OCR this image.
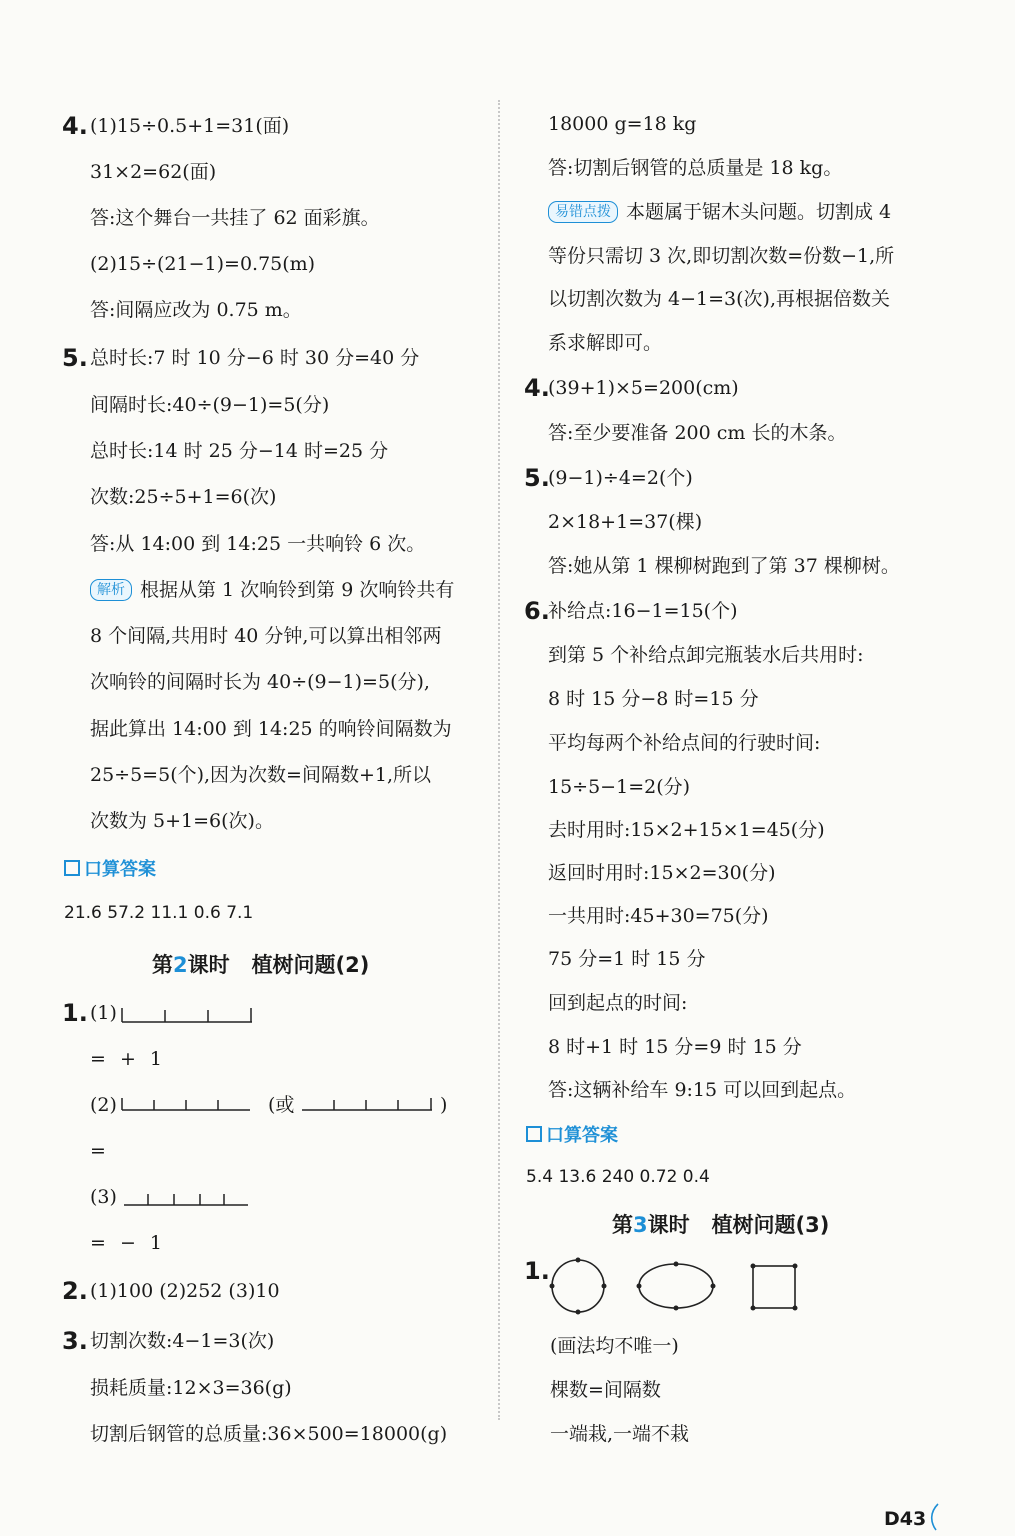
4. (1)15÷0.5+1=31(面)
31×2=62(面)
答:这个舞台一共挂了 62 面彩旗。
(2)15÷(21−1)=0.75(m)
答:间隔应改为 0.75 m。
5. 总时长:7 时 10 分−6 时 30 分=40 分
间隔时长:40÷(9−1)=5(分)
总时长:14 时 25 分−14 时=25 分
次数:25÷5+1=6(次)
答:从 14:00 到 14:25 一共响铃 6 次。
解析 根据从第 1 次响铃到第 9 次响铃共有
8 个间隔,共用时 40 分钟,可以算出相邻两
次响铃的间隔时长为 40÷(9−1)=5(分),
据此算出 14:00 到 14:25 的响铃间隔数为
25÷5=5(个),因为次数=间隔数+1,所以
次数为 5+1=6(次)。
口算答案
21.6 57.2 11.1 0.6 7.1
第2课时 植树问题(2)
1. (1)
= + 1
(2)	(或	)
=
(3)
= − 1
2. (1)100 (2)252 (3)10
3. 切割次数:4−1=3(次)
损耗质量:12×3=36(g)
切割后钢管的总质量:36×500=18000(g)
18000 g=18 kg
答:切割后钢管的总质量是 18 kg。
易错点拨 本题属于锯木头问题。切割成 4
等份只需切 3 次,即切割次数=份数−1,所
以切割次数为 4−1=3(次),再根据倍数关
系求解即可。
4.
(39+1)×5=200(cm)
答:至少要准备 200 cm 长的木条。
5.
(9−1)÷4=2(个)
2×18+1=37(棵)
答:她从第 1 棵柳树跑到了第 37 棵柳树。
6.
补给点:16−1=15(个)
到第 5 个补给点卸完瓶装水后共用时:
8 时 15 分−8 时=15 分
平均每两个补给点间的行驶时间:
15÷5−1=2(分)
去时用时:15×2+15×1=45(分)
返回时用时:15×2=30(分)
一共用时:45+30=75(分)
75 分=1 时 15 分
回到起点的时间:
8 时+1 时 15 分=9 时 15 分
答:这辆补给车 9:15 可以回到起点。
口算答案
5.4 13.6 240 0.72 0.4
第3课时 植树问题(3)
1.
(画法均不唯一)
棵数=间隔数
一端栽,一端不栽
D43
